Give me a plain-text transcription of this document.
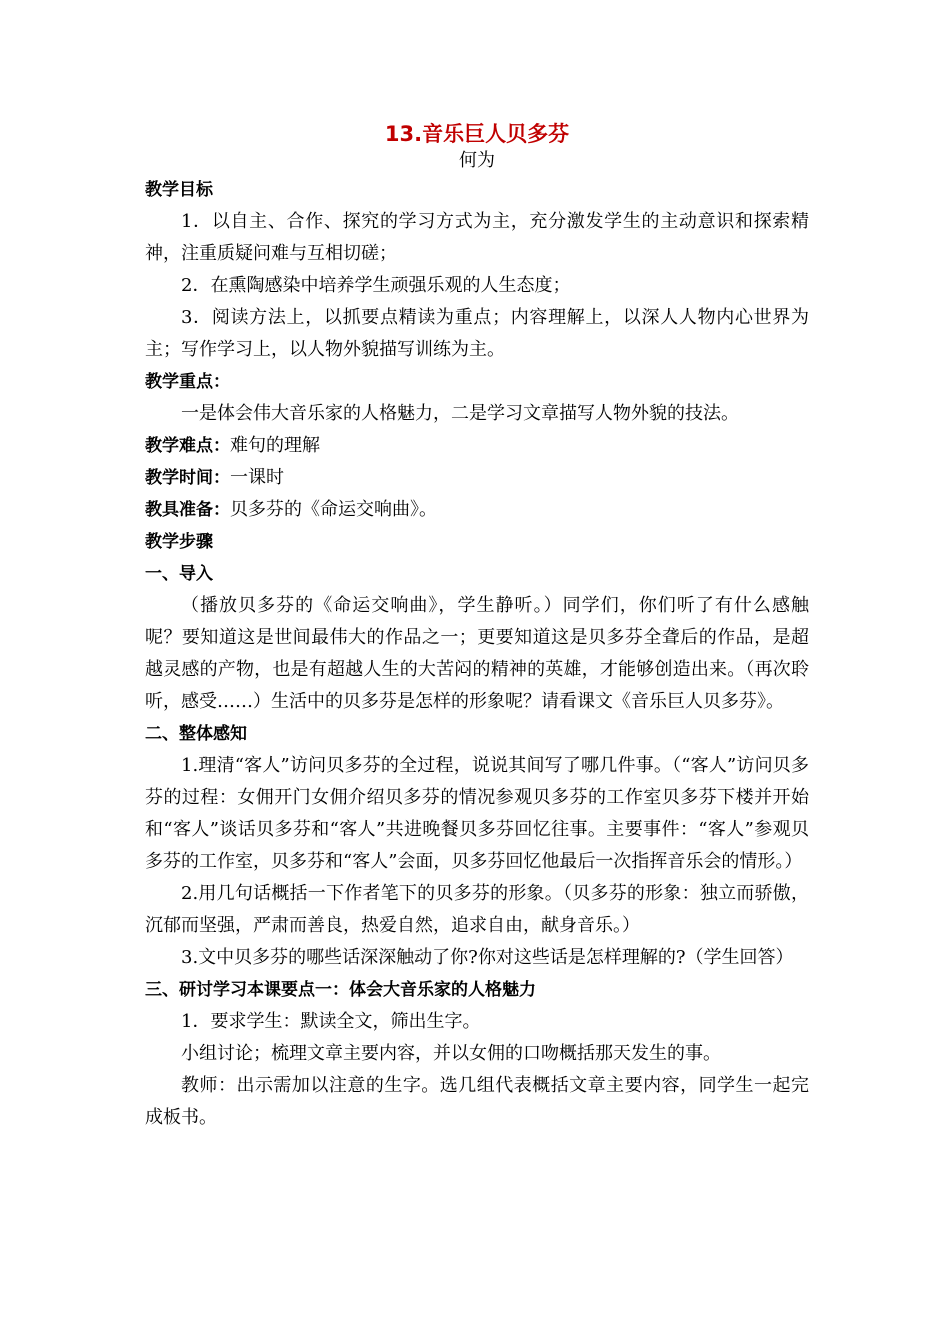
13.音乐巨人贝多芬
何为
教学目标
1．以自主、合作、探究的学习方式为主，充分激发学生的主动意识和探索精神，注重质疑问难与互相切磋；
2．在熏陶感染中培养学生顽强乐观的人生态度；
3．阅读方法上，以抓要点精读为重点；内容理解上，以深人人物内心世界为主；写作学习上，以人物外貌描写训练为主。
教学重点：
一是体会伟大音乐家的人格魅力，二是学习文章描写人物外貌的技法。
教学难点：难句的理解
教学时间：一课时
教具准备：贝多芬的《命运交响曲》。
教学步骤
一、导入
（播放贝多芬的《命运交响曲》，学生静听。）同学们，你们听了有什么感触呢？要知道这是世间最伟大的作品之一；更要知道这是贝多芬全聋后的作品，是超越灵感的产物，也是有超越人生的大苦闷的精神的英雄，才能够创造出来。（再次聆听，感受……）生活中的贝多芬是怎样的形象呢？请看课文《音乐巨人贝多芬》。
二、整体感知
1.理清“客人”访问贝多芬的全过程，说说其间写了哪几件事。（“客人”访问贝多芬的过程：女佣开门女佣介绍贝多芬的情况参观贝多芬的工作室贝多芬下楼并开始和“客人”谈话贝多芬和“客人”共进晚餐贝多芬回忆往事。主要事件：“客人”参观贝多芬的工作室，贝多芬和“客人”会面，贝多芬回忆他最后一次指挥音乐会的情形。）
2.用几句话概括一下作者笔下的贝多芬的形象。（贝多芬的形象：独立而骄傲，沉郁而坚强，严肃而善良，热爱自然，追求自由，献身音乐。）
3.文中贝多芬的哪些话深深触动了你?你对这些话是怎样理解的?（学生回答）
三、研讨学习本课要点一：体会大音乐家的人格魅力
1．要求学生：默读全文，筛出生字。
小组讨论；梳理文章主要内容，并以女佣的口吻概括那天发生的事。
教师：出示需加以注意的生字。选几组代表概括文章主要内容，同学生一起完成板书。
